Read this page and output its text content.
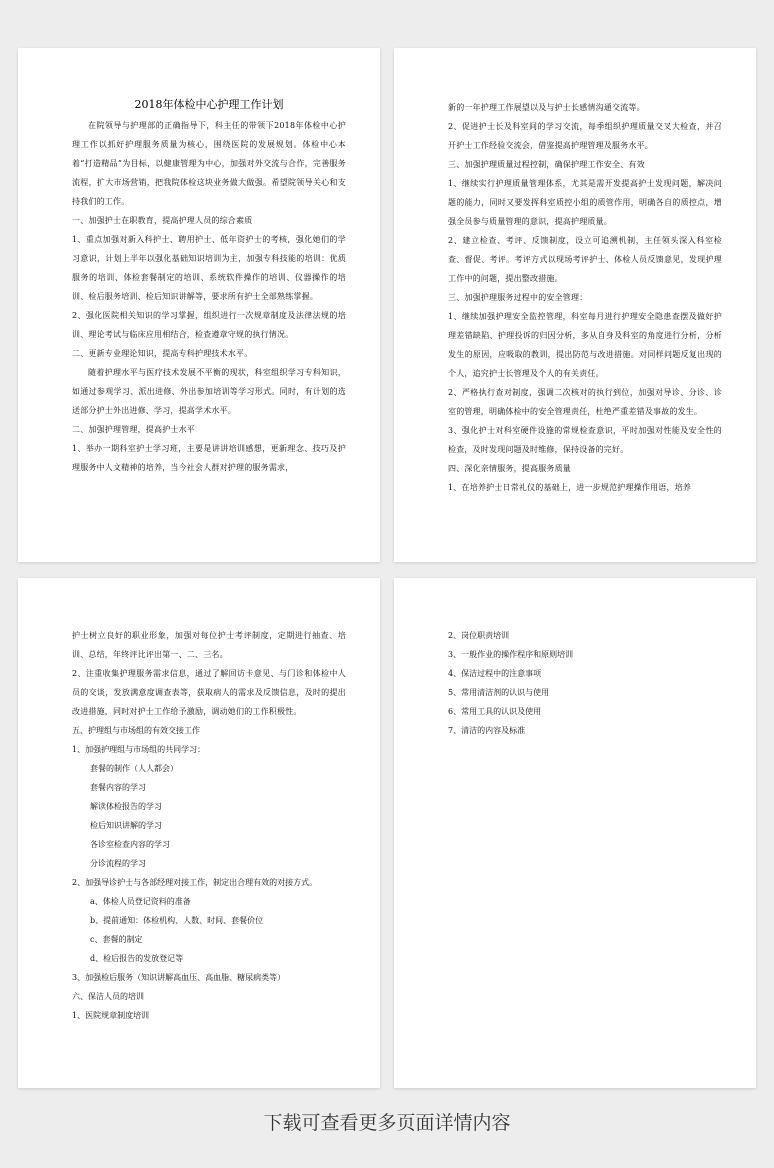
2018年体检中心护理工作计划

在院领导与护理部的正确指导下，科主任的带领下2018年体检中心护理工作以抓好护理服务质量为核心，围绕医院的发展规划。体检中心本着“打造精品”为目标，以健康管理为中心，加强对外交流与合作，完善服务流程，扩大市场营销，把我院体检这块业务做大做强。希望院领导关心和支持我们的工作。

一、加强护士在职教育，提高护理人员的综合素质

1、重点加强对新入科护士、聘用护士、低年资护士的考核，强化她们的学习意识，计划上半年以强化基础知识培训为主，加强专科技能的培训：优质服务的培训、体检套餐制定的培训、系统软件操作的培训、仪器操作的培训、检后服务培训、检后知识讲解等，要求所有护士全部熟练掌握。

2、强化医院相关知识的学习掌握，组织进行一次规章制度及法律法规的培训、理论考试与临床应用相结合，检查遵章守规的执行情况。

二、更新专业理论知识，提高专科护理技术水平。

随着护理水平与医疗技术发展不平衡的现状，科室组织学习专科知识，如通过参观学习、派出进修、外出参加培训等学习形式。同时，有计划的选送部分护士外出进修、学习，提高学术水平。

二、加强护理管理，提高护士水平

1、举办一期科室护士学习班，主要是讲讲培训感想，更新理念、技巧及护理服务中人文精神的培养，当今社会人群对护理的服务需求，

新的一年护理工作展望以及与护士长感情沟通交流等。

2、促进护士长及科室间的学习交流，每季组织护理质量交叉大检查，并召开护士工作经验交流会，借鉴提高护理管理及服务水平。

三、加强护理质量过程控制，确保护理工作安全、有效

1、继续实行护理质量管理体系，尤其是需开发提高护士发现问题，解决问题的能力，同时又要发挥科室质控小组的质管作用，明确各自的质控点，增强全员参与质量管理的意识，提高护理质量。

2、建立检查、考评、反馈制度，设立可追溯机制，主任领头深入科室检查、督促、考评。考评方式以现场考评护士、体检人员反馈意见，发现护理工作中的问题，提出整改措施。

三、加强护理服务过程中的安全管理：

1、继续加强护理安全监控管理，科室每月进行护理安全隐患查摆及做好护理差错缺陷、护理投诉的归因分析，多从自身及科室的角度进行分析，分析发生的原因，应吸取的教训，提出防范与改进措施。对同样问题反复出现的个人，追究护士长管理及个人的有关责任。

2、严格执行查对制度，强调二次核对的执行到位，加强对导诊、分诊、诊室的管理，明确体检中的安全管理责任，杜绝严重差错及事故的发生。

3、强化护士对科室硬件设施的常规检查意识，平时加强对性能及安全性的检查，及时发现问题及时维修，保持设备的完好。

四、深化亲情服务，提高服务质量

1、在培养护士日常礼仪的基础上，进一步规范护理操作用语，培养

护士树立良好的职业形象，加强对每位护士考评制度，定期进行抽查、培训、总结，年终评比评出第一、二、三名。

2、注重收集护理服务需求信息，通过了解回访卡意见、与门诊和体检中人员的交谈，发放满意度调查表等，获取病人的需求及反馈信息，及时的提出改进措施，同时对护士工作给予激励，调动她们的工作积极性。

五、护理组与市场组的有效交接工作

1、加强护理组与市场组的共同学习：

套餐的制作（人人都会）

套餐内容的学习

解读体检报告的学习

检后知识讲解的学习

各诊室检查内容的学习

分诊流程的学习

2、加强导诊护士与各部经理对接工作，制定出合理有效的对接方式。

a、体检人员登记资料的准备

b、提前通知：体检机构、人数、时间、套餐价位

c、套餐的制定

d、检后报告的发放登记等

3、加强检后服务（知识讲解高血压、高血脂、糖尿病类等）

六、保洁人员的培训

1、医院规章制度培训

2、岗位职责培训

3、一般作业的操作程序和原则培训

4、保洁过程中的注意事项

5、常用清洁剂的认识与使用

6、常用工具的认识及使用

7、清洁的内容及标准

下载可查看更多页面详情内容
